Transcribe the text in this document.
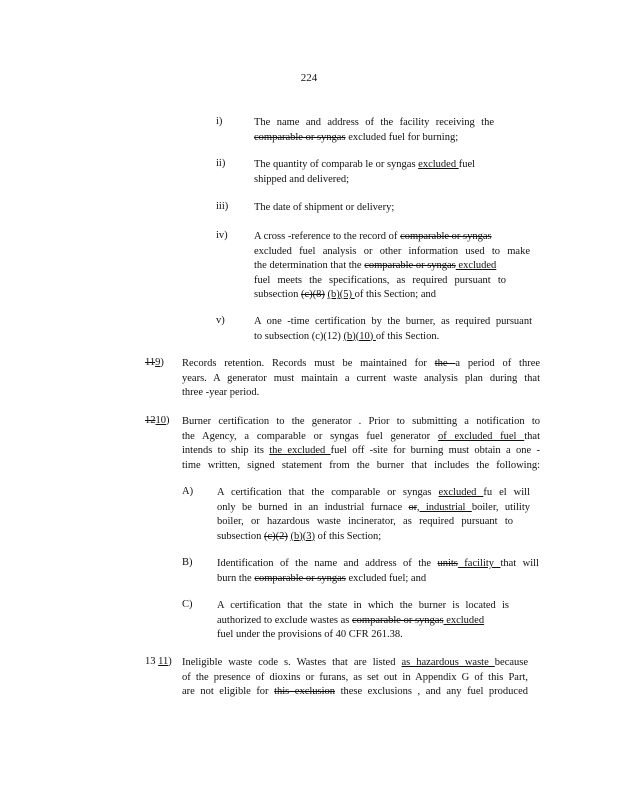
224
i)	The name and address of the facility receiving the
comparable or syngas excluded fuel for burning;
ii)	The quantity of comparab le or syngas excluded fuel
shipped and delivered;
iii) The date of shipment or delivery;
iv)	A cross -reference to the record of comparable or syngas
excluded fuel analysis or other information used to make
the determination that the comparable or syngas excluded
fuel meets the specifications, as required pursuant to
subsection (c)(8) (b)(5) of this Section; and
v)	A one -time certification by the burner, as required pursuant
to subsection (c)(12) (b)(10) of this Section.
119) Records retention. Records must be maintained for the a period of three
years. A generator must maintain a current waste analysis plan during that
three -year period.
1210) Burner certification to the generator . Prior to submitting a notification to
the Agency, a comparable or syngas fuel generator of excluded fuel that
intends to ship its the excluded fuel off -site for burning must obtain a one -
time written, signed statement from the burner that includes the following:
A) A certification that the comparable or syngas excluded fu el will
only be burned in an industrial furnace or, industrial boiler, utility
boiler, or hazardous waste incinerator, as required pursuant to
subsection (c)(2) (b)(3) of this Section;
B) Identification of the name and address of the units facility that will
burn the comparable or syngas excluded fuel; and
C) A certification that the state in which the burner is located is
authorized to exclude wastes as comparable or syngas excluded
fuel under the provisions of 40 CFR 261.38.
13 11) Ineligible waste code s. Wastes that are listed as hazardous waste because
of the presence of dioxins or furans, as set out in Appendix G of this Part,
are not eligible for this exclusion these exclusions , and any fuel produced
